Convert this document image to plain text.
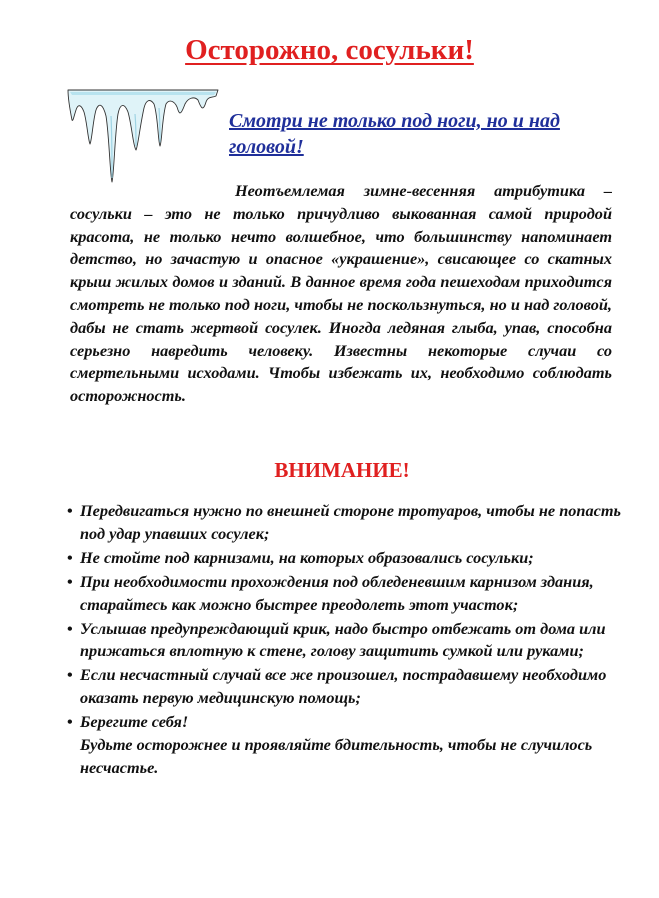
Осторожно, сосульки!
Смотри не только под ноги, но и над головой!

Неотъемлемая зимне-весенняя атрибутика – сосульки – это не только причудливо выкованная самой природой красота, не только нечто волшебное, что большинству напоминает детство, но зачастую и опасное «украшение», свисающее со скатных крыш жилых домов и зданий. В данное время года пешеходам приходится смотреть не только под ноги, чтобы не поскользнуться, но и над головой, дабы не стать жертвой сосулек. Иногда ледяная глыба, упав, способна серьезно навредить человеку. Известны некоторые случаи со смертельными исходами. Чтобы избежать их, необходимо соблюдать осторожность.

ВНИМАНИЕ!
• Передвигаться нужно по внешней стороне тротуаров, чтобы не попасть под удар упавших сосулек;
• Не стойте под карнизами, на которых образовались сосульки;
• При необходимости прохождения под обледеневшим карнизом здания, старайтесь как можно быстрее преодолеть этот участок;
• Услышав предупреждающий крик, надо быстро отбежать от дома или прижаться вплотную к стене, голову защитить сумкой или руками;
• Если несчастный случай все же произошел, пострадавшему необходимо оказать первую медицинскую помощь;
• Берегите себя!
Будьте осторожнее и проявляйте бдительность, чтобы не случилось несчастье.
